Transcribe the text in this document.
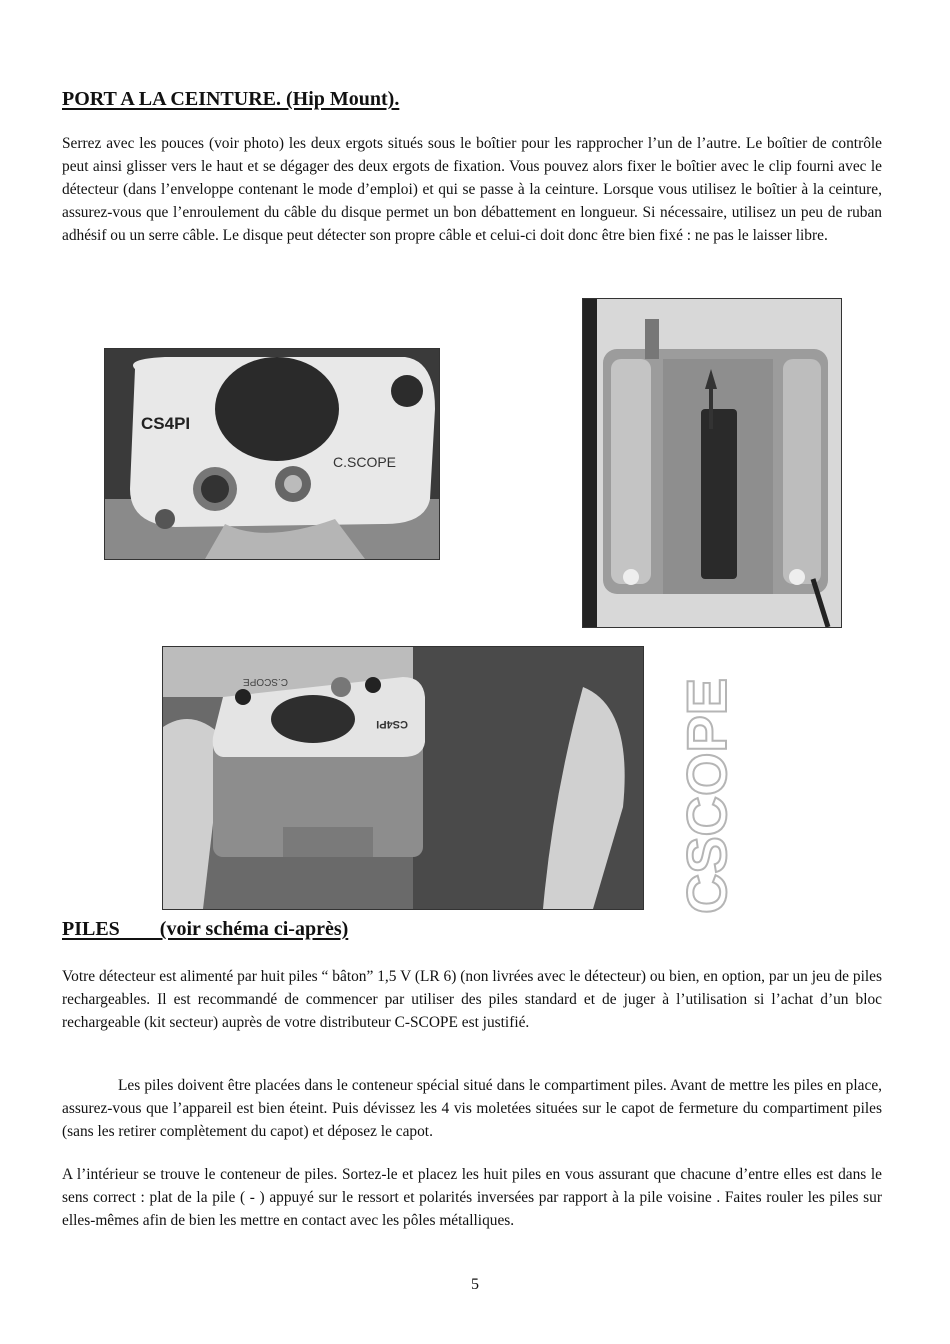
PORT A LA CEINTURE. (Hip Mount).

Serrez avec les pouces (voir photo) les deux ergots situés sous le boîtier pour les rapprocher l’un de l’autre. Le boîtier de contrôle peut ainsi glisser vers le haut et se dégager des deux ergots de fixation. Vous pouvez alors fixer le boîtier avec le clip fourni avec le détecteur (dans l’enveloppe contenant le mode d’emploi) et qui se passe à la ceinture. Lorsque vous utilisez le boîtier à la ceinture, assurez-vous que l’enroulement du câble du disque permet un bon débattement en longueur. Si nécessaire, utilisez un peu de ruban adhésif ou un serre câble. Le disque peut détecter son propre câble et celui-ci doit donc être bien fixé : ne pas le laisser libre.

CS4PI
C.SCOPE
CS4PI
C.SCOPE	CSCOPE
PILES        (voir schéma ci-après)

Votre détecteur est alimenté par huit piles “ bâton” 1,5 V (LR 6) (non livrées avec le détecteur) ou bien, en option, par un jeu de piles rechargeables. Il est recommandé de commencer par utiliser des piles standard et de juger à l’utilisation si l’achat d’un bloc rechargeable (kit secteur) auprès de votre distributeur C-SCOPE est justifié.

Les piles doivent être placées dans le conteneur spécial situé dans le compartiment piles. Avant de mettre les piles en place, assurez-vous que l’appareil est bien éteint. Puis dévissez les 4 vis moletées situées sur le capot de fermeture du compartiment piles (sans les retirer complètement du capot) et déposez le capot.

A l’intérieur se trouve le conteneur de piles. Sortez-le et placez les huit piles en vous assurant que chacune d’entre elles est dans le sens correct : plat de la pile ( - ) appuyé sur le ressort et polarités inversées par rapport à la pile voisine . Faites rouler les piles sur elles-mêmes afin de bien les mettre en contact avec les pôles métalliques.

5
